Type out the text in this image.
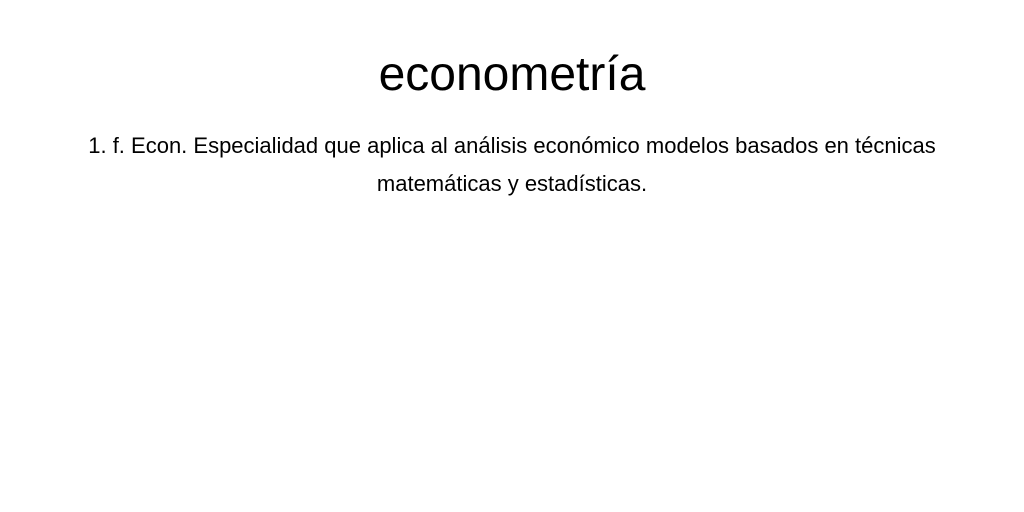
econometría

1. f. Econ. Especialidad que aplica al análisis económico modelos basados en técnicas matemáticas y estadísticas.
